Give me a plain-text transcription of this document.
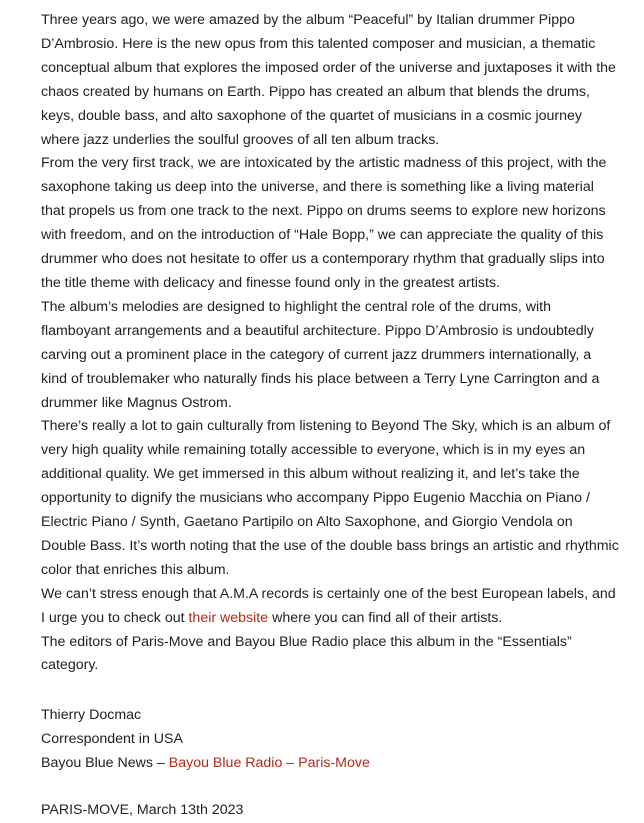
Three years ago, we were amazed by the album “Peaceful” by Italian drummer Pippo D’Ambrosio. Here is the new opus from this talented composer and musician, a thematic conceptual album that explores the imposed order of the universe and juxtaposes it with the chaos created by humans on Earth. Pippo has created an album that blends the drums, keys, double bass, and alto saxophone of the quartet of musicians in a cosmic journey where jazz underlies the soulful grooves of all ten album tracks.

From the very first track, we are intoxicated by the artistic madness of this project, with the saxophone taking us deep into the universe, and there is something like a living material that propels us from one track to the next. Pippo on drums seems to explore new horizons with freedom, and on the introduction of “Hale Bopp,” we can appreciate the quality of this drummer who does not hesitate to offer us a contemporary rhythm that gradually slips into the title theme with delicacy and finesse found only in the greatest artists.

The album’s melodies are designed to highlight the central role of the drums, with flamboyant arrangements and a beautiful architecture. Pippo D’Ambrosio is undoubtedly carving out a prominent place in the category of current jazz drummers internationally, a kind of troublemaker who naturally finds his place between a Terry Lyne Carrington and a drummer like Magnus Ostrom.

There’s really a lot to gain culturally from listening to Beyond The Sky, which is an album of very high quality while remaining totally accessible to everyone, which is in my eyes an additional quality. We get immersed in this album without realizing it, and let’s take the opportunity to dignify the musicians who accompany Pippo Eugenio Macchia on Piano / Electric Piano / Synth, Gaetano Partipilo on Alto Saxophone, and Giorgio Vendola on Double Bass. It’s worth noting that the use of the double bass brings an artistic and rhythmic color that enriches this album.

We can’t stress enough that A.M.A records is certainly one of the best European labels, and I urge you to check out their website where you can find all of their artists.

The editors of Paris-Move and Bayou Blue Radio place this album in the “Essentials” category.

Thierry Docmac

Correspondent in USA

Bayou Blue News – Bayou Blue Radio – Paris-Move

PARIS-MOVE, March 13th 2023
